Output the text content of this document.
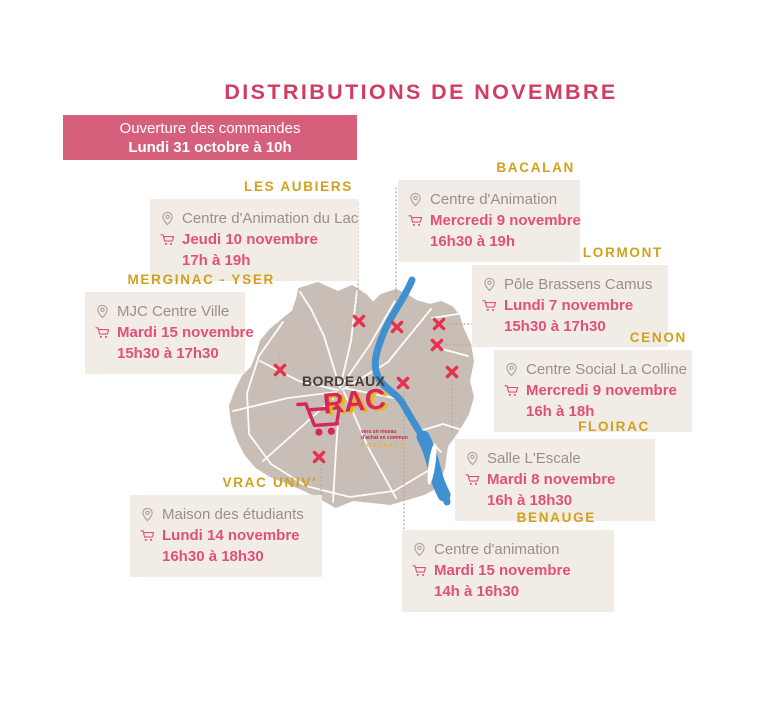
DISTRIBUTIONS DE NOVEMBRE
Ouverture des commandes
Lundi 31 octobre à 10h
BORDEAUX
RAC
vers un réseau
d'achat en commun
BORDEAUX
LES AUBIERS
Centre d'Animation du Lac
Jeudi 10 novembre
17h à 19h
BACALAN
Centre d'Animation
Mercredi 9 novembre
16h30 à 19h
LORMONT
Pôle Brassens Camus
Lundi 7 novembre
15h30 à 17h30
MERGINAC - YSER
MJC Centre Ville
Mardi 15 novembre
15h30 à 17h30
CENON
Centre Social La Colline
Mercredi 9 novembre
16h à 18h
FLOIRAC
Salle L'Escale
Mardi 8 novembre
16h à 18h30
VRAC UNIV'
Maison des étudiants
Lundi 14 novembre
16h30 à 18h30
BENAUGE
Centre d'animation
Mardi 15 novembre
14h à 16h30
